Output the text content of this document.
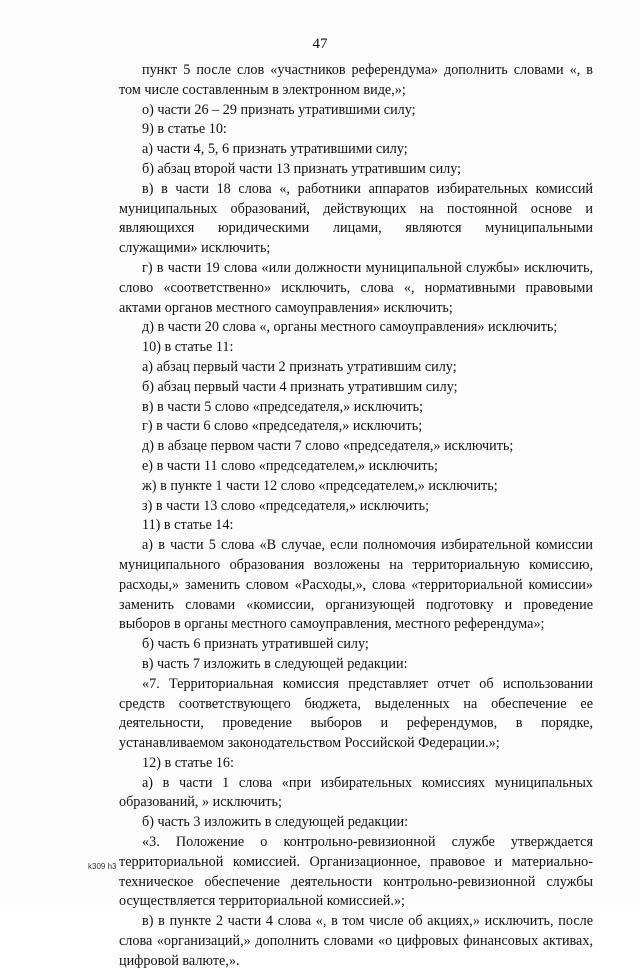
47

пункт 5 после слов «участников референдума» дополнить словами «, в том числе составленным в электронном виде,»;

о) части 26 – 29 признать утратившими силу;

9) в статье 10:

а) части 4, 5, 6 признать утратившими силу;

б) абзац второй части 13 признать утратившим силу;

в) в части 18 слова «, работники аппаратов избирательных комиссий муниципальных образований, действующих на постоянной основе и являющихся юридическими лицами, являются муниципальными служащими» исключить;

г) в части 19 слова «или должности муниципальной службы» исключить, слово «соответственно» исключить, слова «, нормативными правовыми актами органов местного самоуправления» исключить;

д) в части 20 слова «, органы местного самоуправления» исключить;

10) в статье 11:

а) абзац первый части 2 признать утратившим силу;

б) абзац первый части 4 признать утратившим силу;

в) в части 5 слово «председателя,» исключить;

г) в части 6 слово «председателя,» исключить;

д) в абзаце первом части 7 слово «председателя,» исключить;

е) в части 11 слово «председателем,» исключить;

ж) в пункте 1 части 12 слово «председателем,» исключить;

з) в части 13 слово «председателя,» исключить;

11) в статье 14:

а) в части 5 слова «В случае, если полномочия избирательной комиссии муниципального образования возложены на территориальную комиссию, расходы,» заменить словом «Расходы,», слова «территориальной комиссии» заменить словами «комиссии, организующей подготовку и проведение выборов в органы местного самоуправления, местного референдума»;

б) часть 6 признать утратившей силу;

в) часть 7 изложить в следующей редакции:

«7. Территориальная комиссия представляет отчет об использовании средств соответствующего бюджета, выделенных на обеспечение ее деятельности, проведение выборов и референдумов, в порядке, устанавливаемом законодательством Российской Федерации.»;

12) в статье 16:

а) в части 1 слова «при избирательных комиссиях муниципальных образований, » исключить;

б) часть 3 изложить в следующей редакции:

«3. Положение о контрольно-ревизионной службе утверждается территориальной комиссией. Организационное, правовое и материально-техническое обеспечение деятельности контрольно-ревизионной службы осуществляется территориальной комиссией.»;

в) в пункте 2 части 4 слова «, в том числе об акциях,» исключить, после слова «организаций,» дополнить словами «о цифровых финансовых активах, цифровой валюте,».

k309 h3
